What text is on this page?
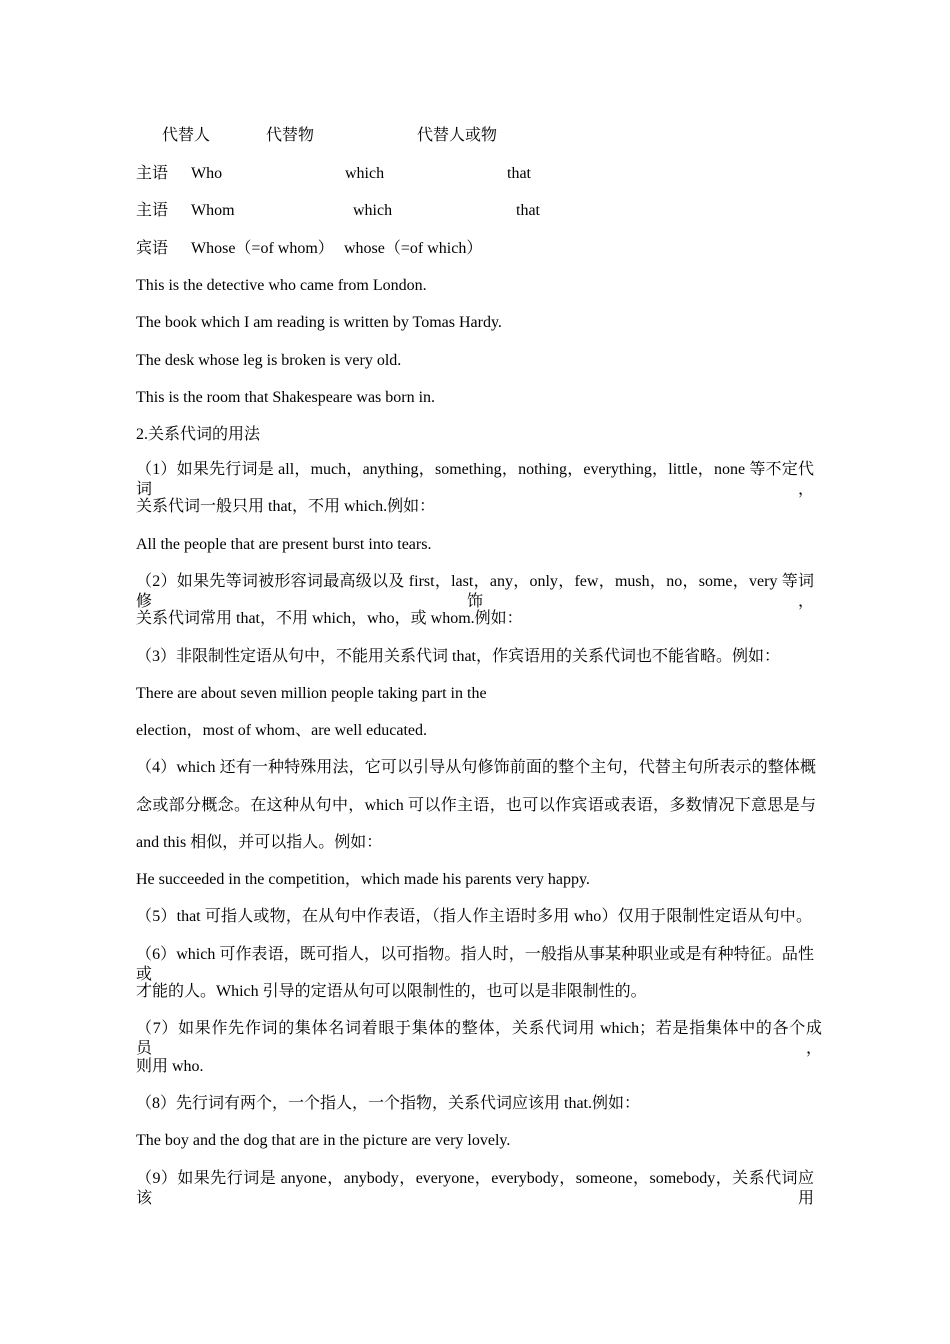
代替人	代替物	代替人或物
主语 Who	which	that
主语 Whom	which	that
宾语 Whose（=of whom） whose（=of which）
This is the detective who came from London.
The book which I am reading is written by Tomas Hardy.
The desk whose leg is broken is very old.
This is the room that Shakespeare was born in.
2.关系代词的用法
（1）如果先行词是 all，much，anything，something，nothing，everything，little，none 等不定代词，
关系代词一般只用 that，不用 which.例如：
All the people that are present burst into tears.
（2）如果先等词被形容词最高级以及 first，last，any，only，few，mush，no，some，very 等词修饰，
关系代词常用 that，不用 which，who，或 whom.例如：
（3）非限制性定语从句中，不能用关系代词 that，作宾语用的关系代词也不能省略。例如：
There are about seven million people taking part in the
election，most of whom、are well educated.
（4）which 还有一种特殊用法，它可以引导从句修饰前面的整个主句，代替主句所表示的整体概
念或部分概念。在这种从句中，which 可以作主语，也可以作宾语或表语，多数情况下意思是与
and this 相似，并可以指人。例如：
He succeeded in the competition，which made his parents very happy.
（5）that 可指人或物，在从句中作表语，（指人作主语时多用 who）仅用于限制性定语从句中。
（6）which 可作表语，既可指人，以可指物。指人时，一般指从事某种职业或是有种特征。品性或
才能的人。Which 引导的定语从句可以限制性的，也可以是非限制性的。
（7）如果作先作词的集体名词着眼于集体的整体，关系代词用 which；若是指集体中的各个成员，
则用 who.
（8）先行词有两个，一个指人，一个指物，关系代词应该用 that.例如：
The boy and the dog that are in the picture are very lovely.
（9）如果先行词是 anyone，anybody，everyone，everybody，someone，somebody，关系代词应该用
